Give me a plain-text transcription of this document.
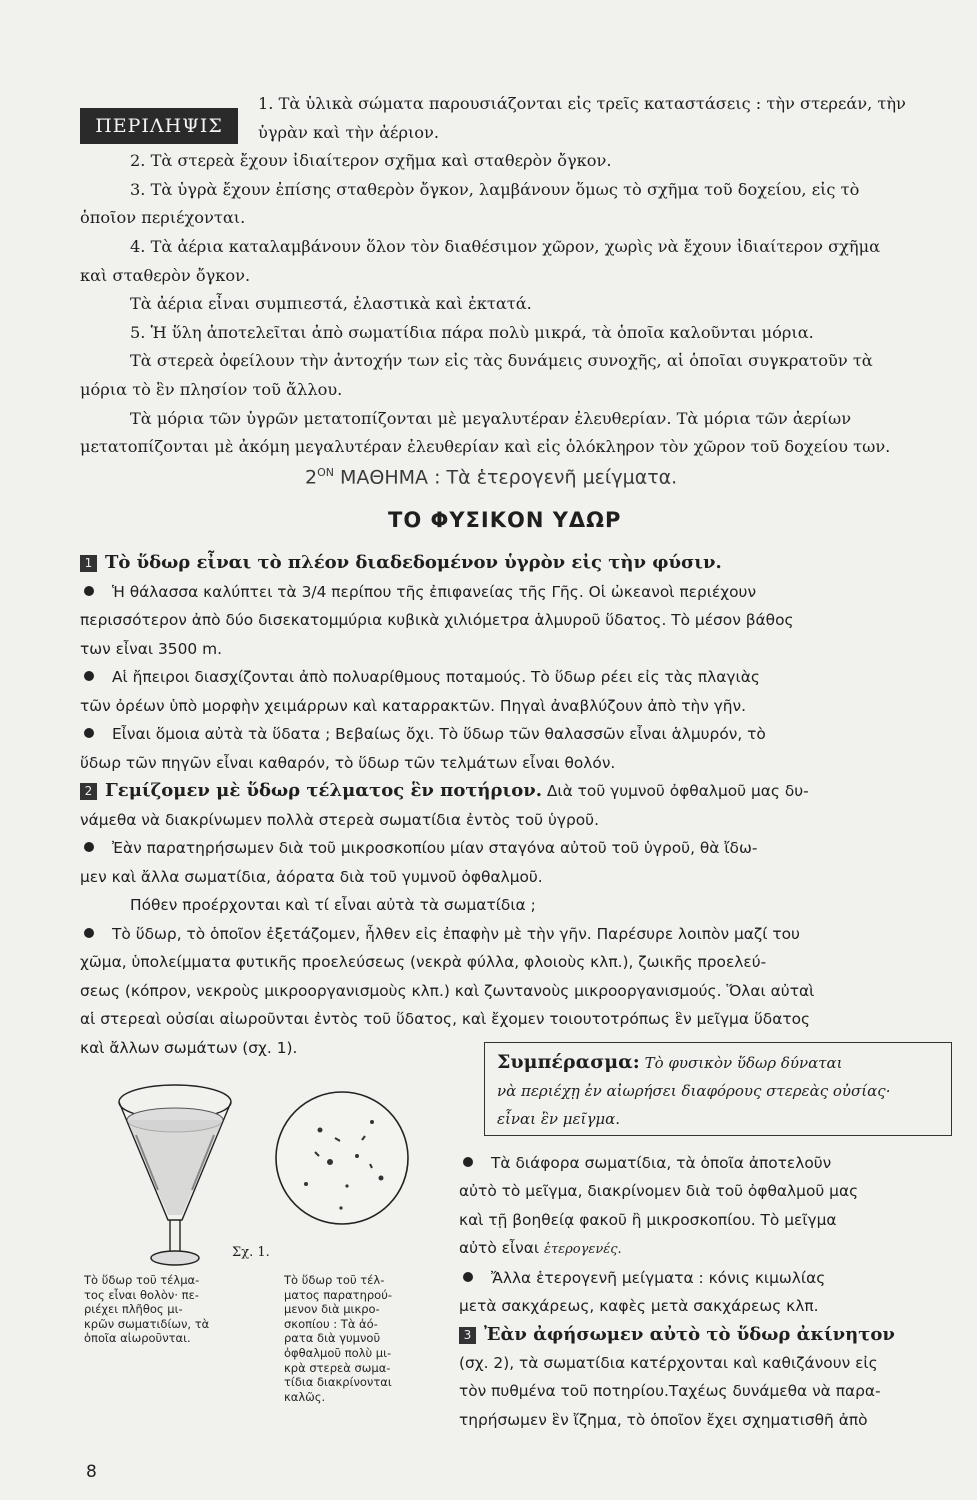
ΠΕΡΙΛΗΨΙΣ

1. Τὰ ὑλικὰ σώματα παρουσιάζονται εἰς τρεῖς καταστάσεις : τὴν στερεάν, τὴν

ὑγρὰν καὶ τὴν ἀέριον.

2. Τὰ στερεὰ ἔχουν ἰδιαίτερον σχῆμα καὶ σταθερὸν ὄγκον.

3. Τὰ ὑγρὰ ἔχουν ἐπίσης σταθερὸν ὄγκον, λαμβάνουν ὅμως τὸ σχῆμα τοῦ δοχείου, εἰς τὸ

ὁποῖον περιέχονται.

4. Τὰ ἀέρια καταλαμβάνουν ὅλον τὸν διαθέσιμον χῶρον, χωρὶς νὰ ἔχουν ἰδιαίτερον σχῆμα

καὶ σταθερὸν ὄγκον.

Τὰ ἀέρια εἶναι συμπιεστά, ἐλαστικὰ καὶ ἐκτατά.

5. Ἡ ὕλη ἀποτελεῖται ἀπὸ σωματίδια πάρα πολὺ μικρά, τὰ ὁποῖα καλοῦνται μόρια.

Τὰ στερεὰ ὀφείλουν τὴν ἀντοχήν των εἰς τὰς δυνάμεις συνοχῆς, αἱ ὁποῖαι συγκρατοῦν τὰ

μόρια τὸ ἓν πλησίον τοῦ ἄλλου.

Τὰ μόρια τῶν ὑγρῶν μετατοπίζονται μὲ μεγαλυτέραν ἐλευθερίαν. Τὰ μόρια τῶν ἀερίων

μετατοπίζονται μὲ ἀκόμη μεγαλυτέραν ἐλευθερίαν καὶ εἰς ὁλόκληρον τὸν χῶρον τοῦ δοχείου των.

$2^{ON}$ ΜΑΘΗΜΑ : Τὰ ἑτερογενῆ μείγματα.
ΤΟ ΦΥΣΙΚΟΝ ΥΔΩΡ

1 Τὸ ὕδωρ εἶναι τὸ πλέον διαδεδομένον ὑγρὸν εἰς τὴν φύσιν.

Ἡ θάλασσα καλύπτει τὰ 3/4 περίπου τῆς ἐπιφανείας τῆς Γῆς. Οἱ ὠκεανοὶ περιέχουν

περισσότερον ἀπὸ δύο δισεκατομμύρια κυβικὰ χιλιόμετρα ἁλμυροῦ ὕδατος. Τὸ μέσον βάθος

των εἶναι 3500 m.

Αἱ ἤπειροι διασχίζονται ἀπὸ πολυαρίθμους ποταμούς. Τὸ ὕδωρ ρέει εἰς τὰς πλαγιὰς

τῶν ὀρέων ὑπὸ μορφὴν χειμάρρων καὶ καταρρακτῶν. Πηγαὶ ἀναβλύζουν ἀπὸ τὴν γῆν.

Εἶναι ὅμοια αὐτὰ τὰ ὕδατα ; Βεβαίως ὄχι. Τὸ ὕδωρ τῶν θαλασσῶν εἶναι ἁλμυρόν, τὸ

ὕδωρ τῶν πηγῶν εἶναι καθαρόν, τὸ ὕδωρ τῶν τελμάτων εἶναι θολόν.

2 Γεμίζομεν μὲ ὕδωρ τέλματος ἓν ποτήριον. Διὰ τοῦ γυμνοῦ ὀφθαλμοῦ μας δυ-

νάμεθα νὰ διακρίνωμεν πολλὰ στερεὰ σωματίδια ἐντὸς τοῦ ὑγροῦ.

Ἐὰν παρατηρήσωμεν διὰ τοῦ μικροσκοπίου μίαν σταγόνα αὐτοῦ τοῦ ὑγροῦ, θὰ ἴδω-

μεν καὶ ἄλλα σωματίδια, ἀόρατα διὰ τοῦ γυμνοῦ ὀφθαλμοῦ.

Πόθεν προέρχονται καὶ τί εἶναι αὐτὰ τὰ σωματίδια ;

Τὸ ὕδωρ, τὸ ὁποῖον ἐξετάζομεν, ἦλθεν εἰς ἐπαφὴν μὲ τὴν γῆν. Παρέσυρε λοιπὸν μαζί του

χῶμα, ὑπολείμματα φυτικῆς προελεύσεως (νεκρὰ φύλλα, φλοιοὺς κλπ.), ζωικῆς προελεύ-

σεως (κόπρον, νεκροὺς μικροοργανισμοὺς κλπ.) καὶ ζωντανοὺς μικροοργανισμούς. Ὅλαι αὐταὶ

αἱ στερεαὶ οὐσίαι αἰωροῦνται ἐντὸς τοῦ ὕδατος, καὶ ἔχομεν τοιουτοτρόπως ἓν μεῖγμα ὕδατος

καὶ ἄλλων σωμάτων (σχ. 1).

Συμπέρασμα: Τὸ φυσικὸν ὕδωρ δύναται
νὰ περιέχῃ ἐν αἰωρήσει διαφόρους στερεὰς οὐσίας·
εἶναι ἓν μεῖγμα.

Τὰ διάφορα σωματίδια, τὰ ὁποῖα ἀποτελοῦν

αὐτὸ τὸ μεῖγμα, διακρίνομεν διὰ τοῦ ὀφθαλμοῦ μας

καὶ τῇ βοηθείᾳ φακοῦ ἢ μικροσκοπίου. Τὸ μεῖγμα

αὐτὸ εἶναι ἑτερογενές.

Ἄλλα ἑτερογενῆ μείγματα : κόνις κιμωλίας

μετὰ σακχάρεως, καφὲς μετὰ σακχάρεως κλπ.

3 Ἐὰν ἀφήσωμεν αὐτὸ τὸ ὕδωρ ἀκίνητον

(σχ. 2), τὰ σωματίδια κατέρχονται καὶ καθιζάνουν εἰς

τὸν πυθμένα τοῦ ποτηρίου.Ταχέως δυνάμεθα νὰ παρα-

τηρήσωμεν ἓν ἴζημα, τὸ ὁποῖον ἔχει σχηματισθῆ ἀπὸ

Σχ. 1.
Τὸ ὕδωρ τοῦ τέλμα-
τος εἶναι θολὸν· πε-
ριέχει πλῆθος μι-
κρῶν σωματιδίων, τὰ
ὁποῖα αἰωροῦνται.
Τὸ ὕδωρ τοῦ τέλ-
ματος παρατηρού-
μενον διὰ μικρο-
σκοπίου : Τὰ ἀό-
ρατα διὰ γυμνοῦ
ὀφθαλμοῦ πολὺ μι-
κρὰ στερεὰ σωμα-
τίδια διακρίνονται
καλῶς.
8
